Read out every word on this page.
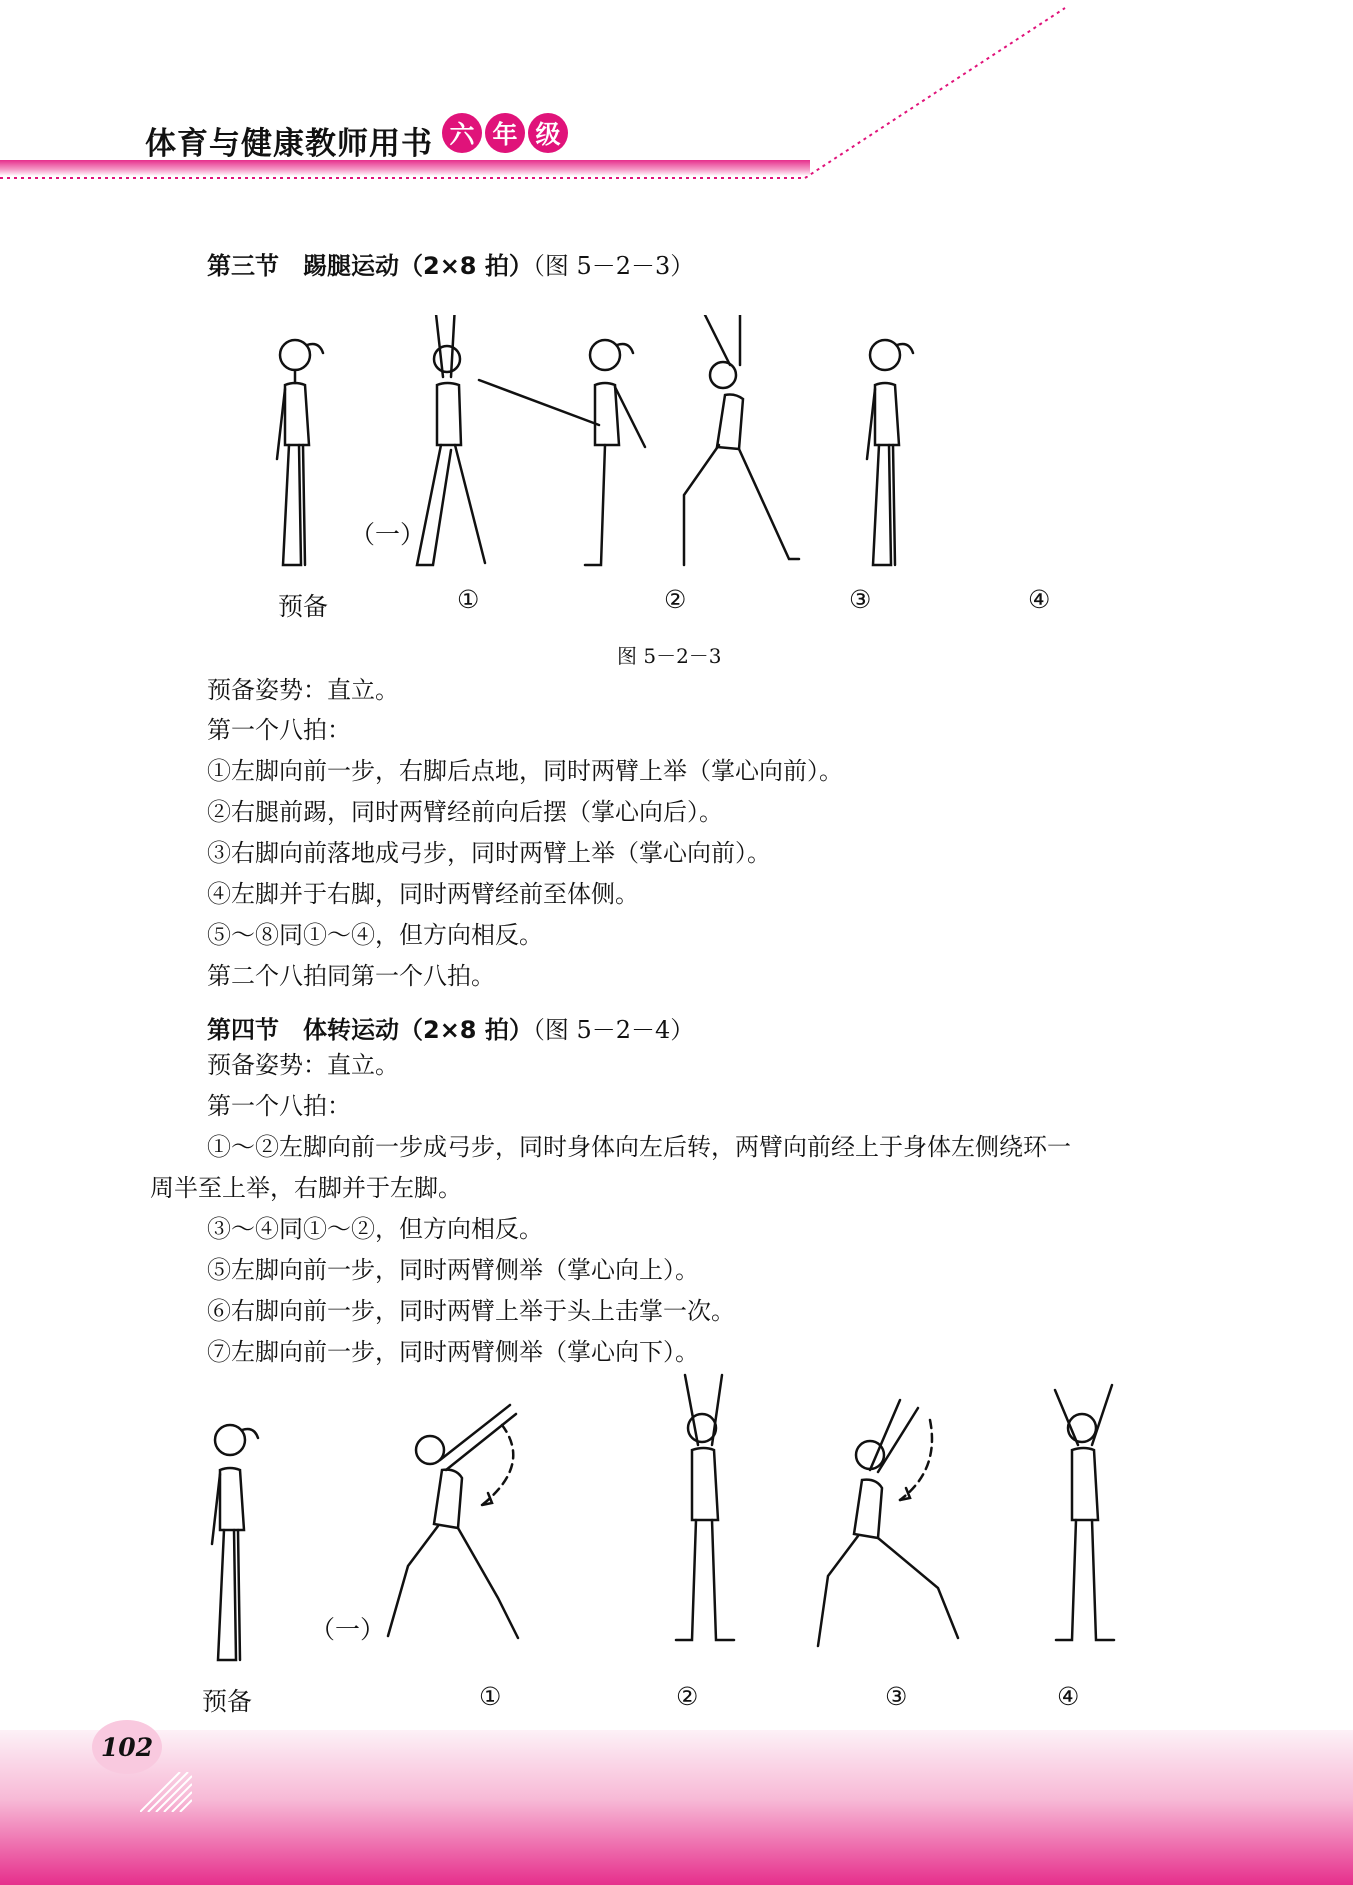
体育与健康教师用书 六 年 级
第三节　踢腿运动（2×8 拍）（图 5－2－3）
（一）
预备	①	②	③	④
图 5－2－3
预备姿势：直立。
第一个八拍：
①左脚向前一步，右脚后点地，同时两臂上举（掌心向前）。
②右腿前踢，同时两臂经前向后摆（掌心向后）。
③右脚向前落地成弓步，同时两臂上举（掌心向前）。
④左脚并于右脚，同时两臂经前至体侧。
⑤～⑧同①～④，但方向相反。
第二个八拍同第一个八拍。
第四节　体转运动（2×8 拍）（图 5－2－4）
预备姿势：直立。
第一个八拍：
①～②左脚向前一步成弓步，同时身体向左后转，两臂向前经上于身体左侧绕环一
周半至上举，右脚并于左脚。
③～④同①～②，但方向相反。
⑤左脚向前一步，同时两臂侧举（掌心向上）。
⑥右脚向前一步，同时两臂上举于头上击掌一次。
⑦左脚向前一步，同时两臂侧举（掌心向下）。
（一）
预备	①	②	③	④
102
